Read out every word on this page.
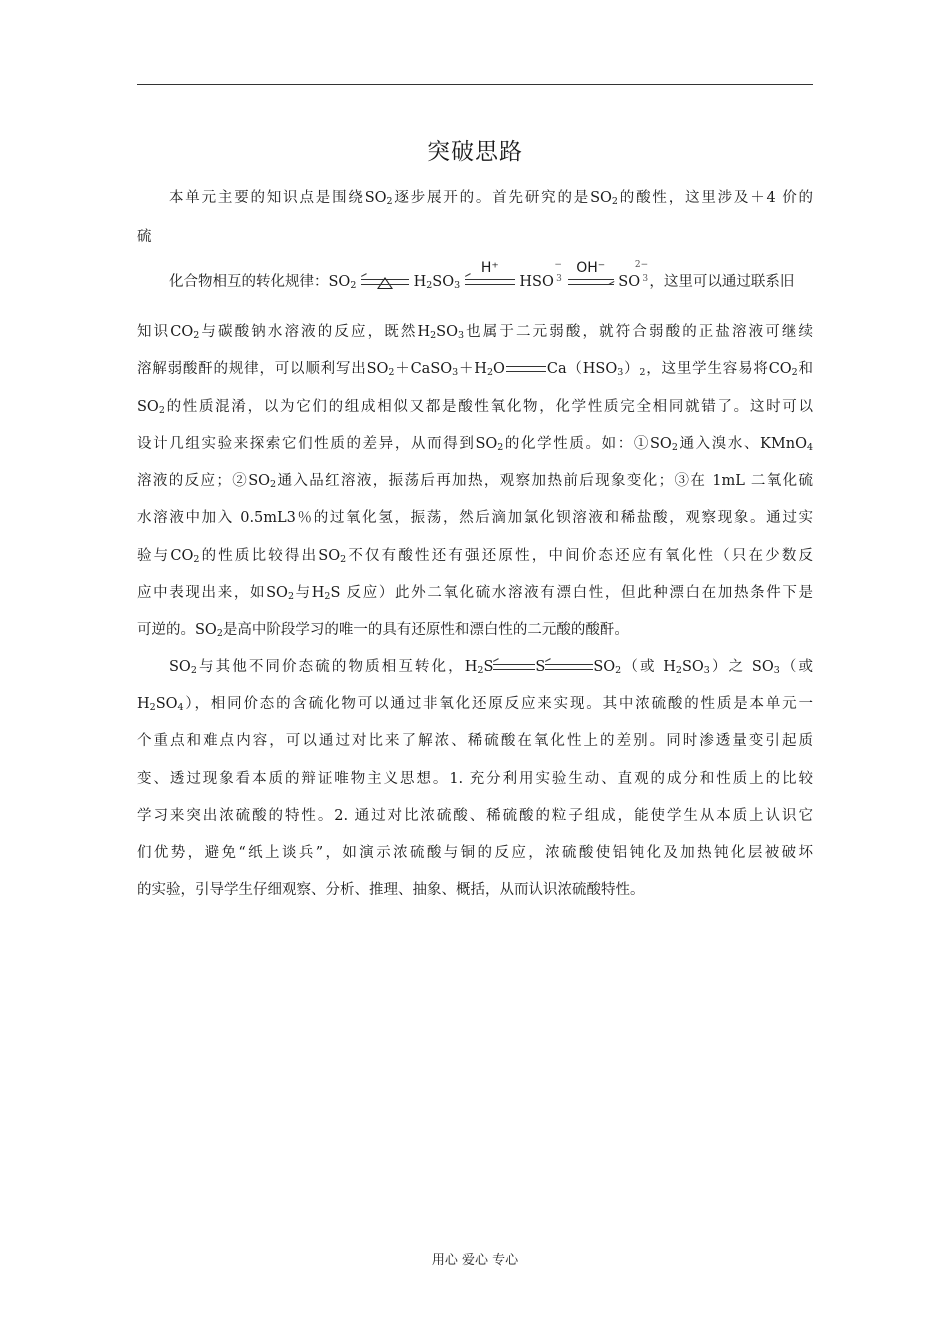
突破思路
本单元主要的知识点是围绕$SO_2$逐步展开的。首先研究的是$SO_2$的酸性，这里涉及＋4 价的
硫
化合物相互的转化规律：$SO_2$	$H_2SO_3$
H⁺
HSO
−
3

OH⁻
SO
2−
3 ，这里可以通过联系旧
知识$CO_2$与碳酸钠水溶液的反应，既然$H_2SO_3$也属于二元弱酸，就符合弱酸的正盐溶液可继续
溶解弱酸酐的规律，可以顺利写出$SO_2+CaSO_3+H_2O$	$Ca(HSO_3)_2$，这里学生容易将$CO_2$和
$SO_2$的性质混淆，以为它们的组成相似又都是酸性氧化物，化学性质完全相同就错了。这时可以
设计几组实验来探索它们性质的差异，从而得到$SO_2$的化学性质。如：$①SO_2$通入溴水、KMnO$_4$
溶液的反应；$②SO_2$通入品红溶液，振荡后再加热，观察加热前后现象变化；③在 1mL 二氧化硫
水溶液中加入 0.5mL3％的过氧化氢，振荡，然后滴加氯化钡溶液和稀盐酸，观察现象。通过实
验与$CO_2$的性质比较得出$SO_2$不仅有酸性还有强还原性，中间价态还应有氧化性（只在少数反
应中表现出来，如$SO_2$与$H_2S$ 反应）此外二氧化硫水溶液有漂白性，但此种漂白在加热条件下是
可逆的。$SO_2$是高中阶段学习的唯一的具有还原性和漂白性的二元酸的酸酐。
$SO_2$与其他不同价态硫的物质相互转化，$H_2S$	S	$SO_2$（或 $H_2SO_3$）之 $SO_3$（或
$H_2SO_4$），相同价态的含硫化物可以通过非氧化还原反应来实现。其中浓硫酸的性质是本单元一
个重点和难点内容，可以通过对比来了解浓、稀硫酸在氧化性上的差别。同时渗透量变引起质
变、透过现象看本质的辩证唯物主义思想。1. 充分利用实验生动、直观的成分和性质上的比较
学习来突出浓硫酸的特性。2. 通过对比浓硫酸、稀硫酸的粒子组成，能使学生从本质上认识它
们优势，避免“纸上谈兵”，如演示浓硫酸与铜的反应，浓硫酸使铝钝化及加热钝化层被破坏
的实验，引导学生仔细观察、分析、推理、抽象、概括，从而认识浓硫酸特性。
用心 爱心 专心
